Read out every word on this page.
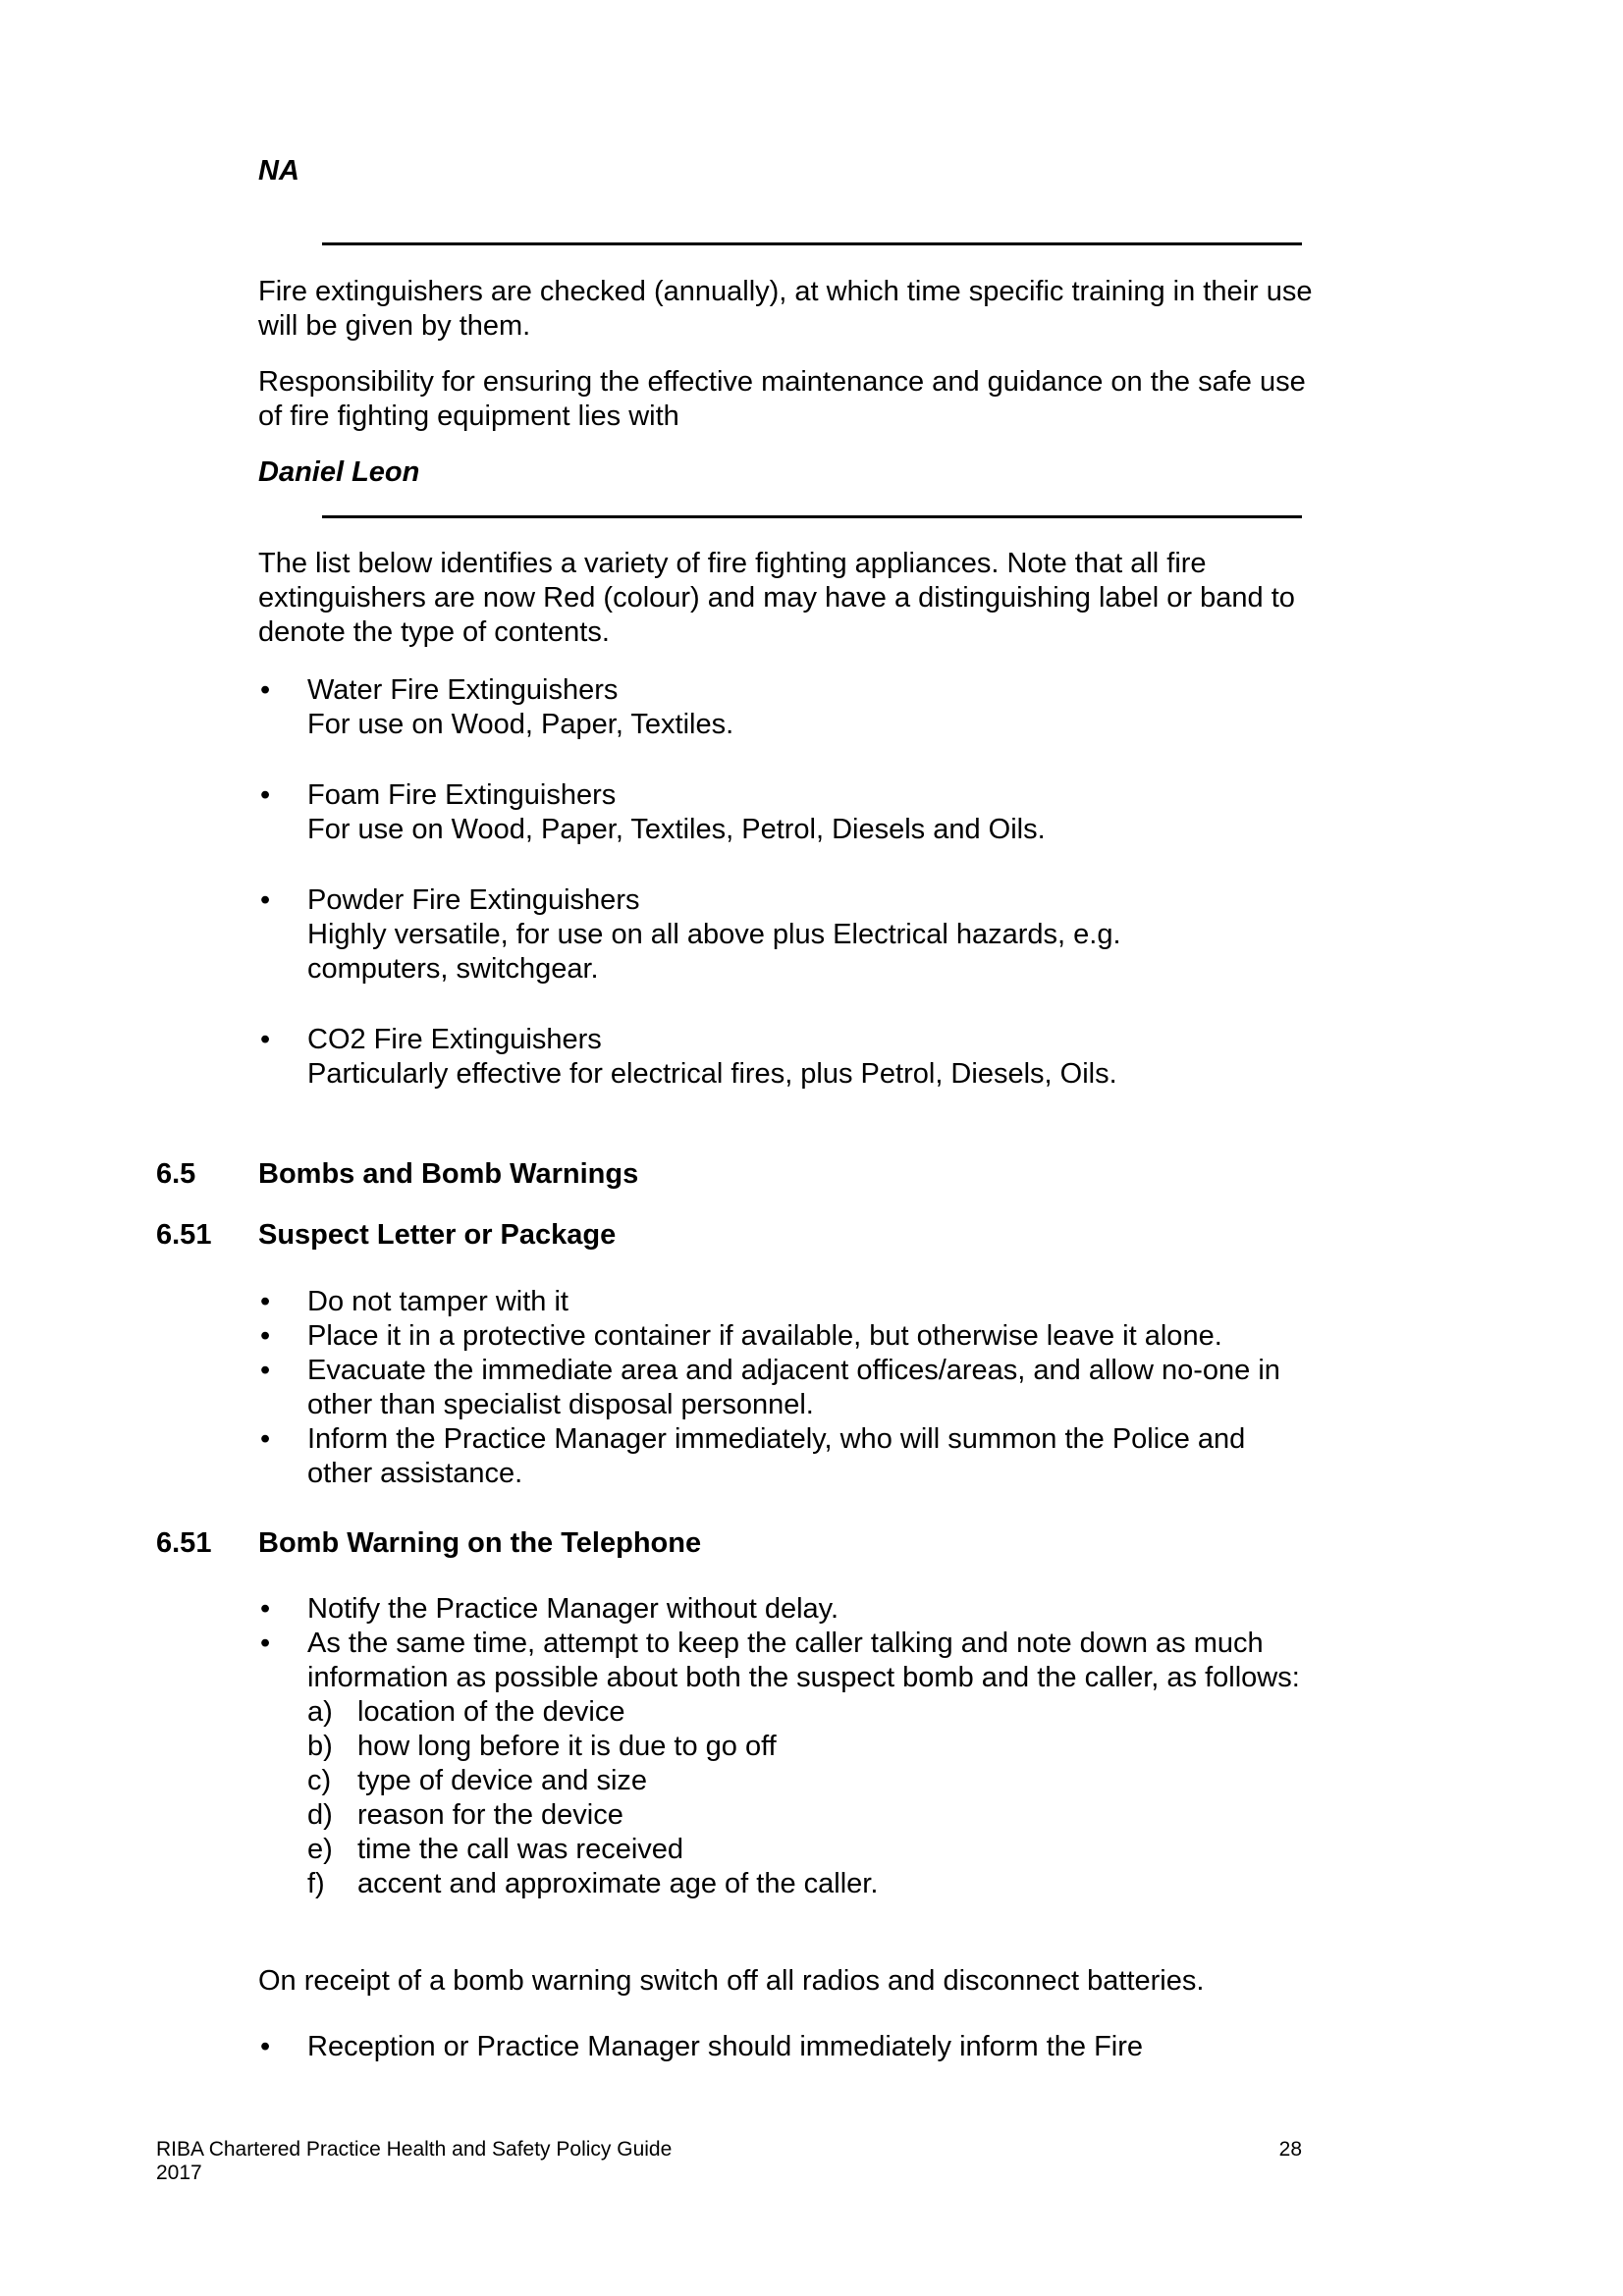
NA

Fire extinguishers are checked (annually), at which time specific training in their use will be given by them.

Responsibility for ensuring the effective maintenance and guidance on the safe use of fire fighting equipment lies with

Daniel Leon

The list below identifies a variety of fire fighting appliances. Note that all fire extinguishers are now Red (colour) and may have a distinguishing label or band to denote the type of contents.

• Water Fire Extinguishers
For use on Wood, Paper, Textiles.
• Foam Fire Extinguishers
For use on Wood, Paper, Textiles, Petrol, Diesels and Oils.
• Powder Fire Extinguishers
Highly versatile, for use on all above plus Electrical hazards, e.g. computers, switchgear.
• CO2 Fire Extinguishers
Particularly effective for electrical fires, plus Petrol, Diesels, Oils.
6.5 Bombs and Bomb Warnings
6.51 Suspect Letter or Package
• Do not tamper with it
• Place it in a protective container if available, but otherwise leave it alone.
• Evacuate the immediate area and adjacent offices/areas, and allow no-one in other than specialist disposal personnel.
• Inform the Practice Manager immediately, who will summon the Police and other assistance.
6.51 Bomb Warning on the Telephone
• Notify the Practice Manager without delay.
• As the same time, attempt to keep the caller talking and note down as much information as possible about both the suspect bomb and the caller, as follows:
a) location of the device
b) how long before it is due to go off
c) type of device and size
d) reason for the device
e) time the call was received
f) accent and approximate age of the caller.

On receipt of a bomb warning switch off all radios and disconnect batteries.

• Reception or Practice Manager should immediately inform the Fire
RIBA Chartered Practice Health and Safety Policy Guide
2017
28
